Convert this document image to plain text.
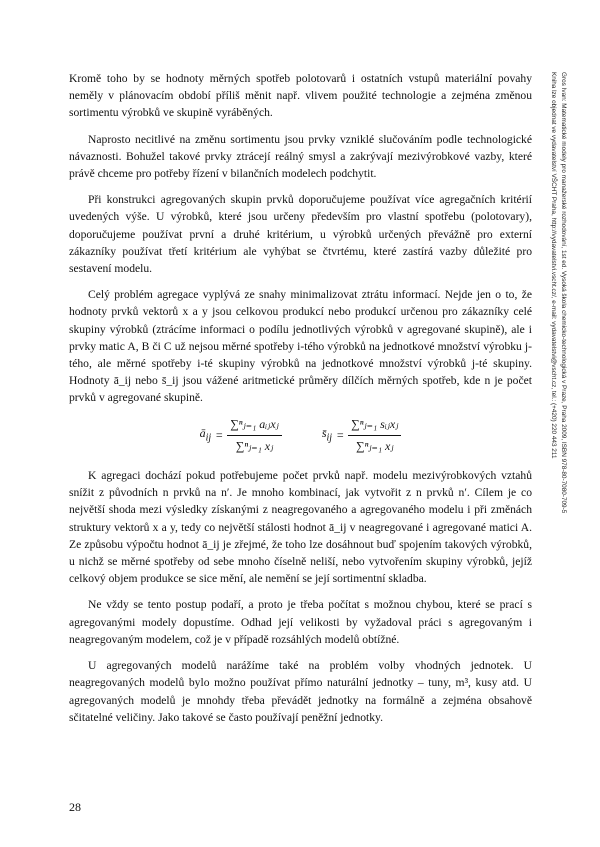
Kromě toho by se hodnoty měrných spotřeb polotovarů i ostatních vstupů materiální povahy neměly v plánovacím období příliš měnit např. vlivem použité technologie a zejména změnou sortimentu výrobků ve skupině vyráběných.

Naprosto necitlivé na změnu sortimentu jsou prvky vzniklé slučováním podle technologické návaznosti. Bohužel takové prvky ztrácejí reálný smysl a zakrývají mezivýrobkové vazby, které právě chceme pro potřeby řízení v bilančních modelech podchytit.

Při konstrukci agregovaných skupin prvků doporučujeme používat více agregačních kritérií uvedených výše. U výrobků, které jsou určeny především pro vlastní spotřebu (polotovary), doporučujeme používat první a druhé kritérium, u výrobků určených převážně pro externí zákazníky používat třetí kritérium ale vyhýbat se čtvrtému, které zastírá vazby důležité pro sestavení modelu.

Celý problém agregace vyplývá ze snahy minimalizovat ztrátu informací. Nejde jen o to, že hodnoty prvků vektorů x a y jsou celkovou produkcí nebo produkcí určenou pro zákazníky celé skupiny výrobků (ztrácíme informaci o podílu jednotlivých výrobků v agregované skupině), ale i prvky matic A, B či C už nejsou měrné spotřeby i-tého výrobků na jednotkové množství výrobku j-tého, ale měrné spotřeby i-té skupiny výrobků na jednotkové množství výrobků j-té skupiny. Hodnoty ā_ij nebo s̄_ij jsou vážené aritmetické průměry dílčích měrných spotřeb, kde n je počet prvků v agregované skupině.

$ā_{ij} = \frac{\text{∑ⁿⱼ₌₁ aᵢⱼxⱼ}}{\text{∑ⁿⱼ₌₁ xⱼ}}$	$s̄_{ij} = \frac{\text{∑ⁿⱼ₌₁ sᵢⱼxⱼ}}{\text{∑ⁿⱼ₌₁ xⱼ}}$

K agregaci dochází pokud potřebujeme počet prvků např. modelu mezivýrobkových vztahů snížit z původních n prvků na n′. Je mnoho kombinací, jak vytvořit z n prvků n′. Cílem je co největší shoda mezi výsledky získanými z neagregovaného a agregovaného modelu i při změnách struktury vektorů x a y, tedy co největší stálosti hodnot ā_ij v neagregované i agregované matici A. Ze způsobu výpočtu hodnot ā_ij je zřejmé, že toho lze dosáhnout buď spojením takových výrobků, u nichž se měrné spotřeby od sebe mnoho číselně neliší, nebo vytvořením skupiny výrobků, jejíž celkový objem produkce se sice mění, ale nemění se její sortimentní skladba.

Ne vždy se tento postup podaří, a proto je třeba počítat s možnou chybou, které se prací s agregovanými modely dopustíme. Odhad její velikosti by vyžadoval práci s agregovaným i neagregovaným modelem, což je v případě rozsáhlých modelů obtížné.

U agregovaných modelů narážíme také na problém volby vhodných jednotek. U neagregovaných modelů bylo možno používat přímo naturální jednotky – tuny, m³, kusy atd. U agregovaných modelů je mnohdy třeba převádět jednotky na formálně a zejména obsahově sčitatelné veličiny. Jako takové se často používají peněžní jednotky.

Gros Ivan: Matematické modely pro manažerské rozhodování, 1st ed. Vysoká škola chemicko-technologická v Praze, Praha 2009, ISBN 978-80-7080-709-5
Kniha lze objednat ve vydavatelství VŠCHT Praha, http://vydavatelstvi.vscht.cz/, e-mail: vydavatelstvi@vscht.cz, tel.: (+420) 220 443 211
28
